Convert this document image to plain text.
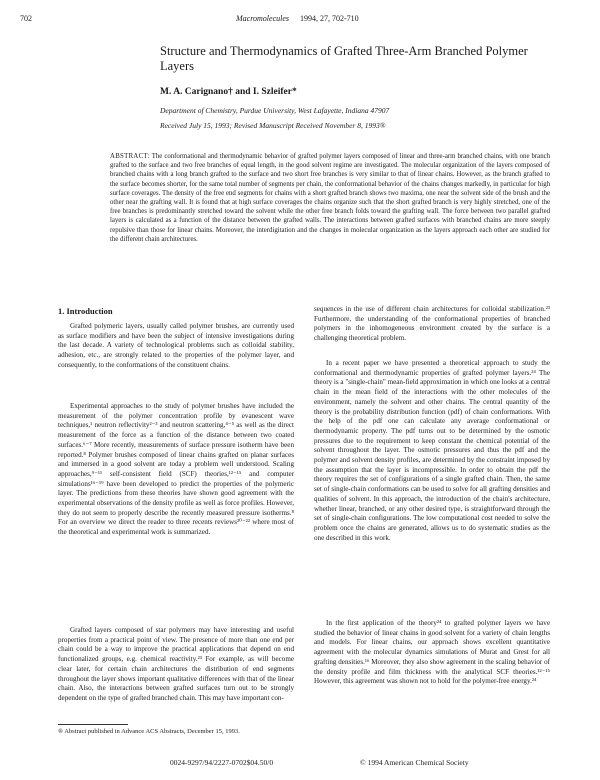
702	Macromolecules 1994, 27, 702-710
Structure and Thermodynamics of Grafted Three-Arm Branched Polymer Layers
M. A. Carignano† and I. Szleifer*
Department of Chemistry, Purdue University, West Lafayette, Indiana 47907
Received July 15, 1993; Revised Manuscript Received November 8, 1993®
ABSTRACT: The conformational and thermodynamic behavior of grafted polymer layers composed of linear and three-arm branched chains, with one branch grafted to the surface and two free branches of equal length, in the good solvent regime are investigated. The molecular organization of the layers composed of branched chains with a long branch grafted to the surface and two short free branches is very similar to that of linear chains. However, as the branch grafted to the surface becomes shorter, for the same total number of segments per chain, the conformational behavior of the chains changes markedly, in particular for high surface coverages. The density of the free end segments for chains with a short grafted branch shows two maxima, one near the solvent side of the brush and the other near the grafting wall. It is found that at high surface coverages the chains organize such that the short grafted branch is very highly stretched, one of the free branches is predominantly stretched toward the solvent while the other free branch folds toward the grafting wall. The force between two parallel grafted layers is calculated as a function of the distance between the grafted walls. The interactions between grafted surfaces with branched chains are more steeply repulsive than those for linear chains. Moreover, the interdigitation and the changes in molecular organization as the layers approach each other are studied for the different chain architectures.
1. Introduction

Grafted polymeric layers, usually called polymer brushes, are currently used as surface modifiers and have been the subject of intensive investigations during the last decade. A variety of technological problems such as colloidal stability, adhesion, etc., are strongly related to the properties of the polymer layer, and consequently, to the conformations of the constituent chains.

Experimental approaches to the study of polymer brushes have included the measurement of the polymer concentration profile by evanescent wave techniques,¹ neutron reflectivity²⁻³ and neutron scattering,⁴⁻⁵ as well as the direct measurement of the force as a function of the distance between two coated surfaces.⁶⁻⁷ More recently, measurements of surface pressure isotherm have been reported.⁸ Polymer brushes composed of linear chains grafted on planar surfaces and immersed in a good solvent are today a problem well understood. Scaling approaches,⁹⁻¹¹ self-consistent field (SCF) theories,¹²⁻¹⁵ and computer simulations¹⁶⁻¹⁹ have been developed to predict the properties of the polymeric layer. The predictions from these theories have shown good agreement with the experimental observations of the density profile as well as force profiles. However, they do not seem to properly describe the recently measured pressure isotherms.⁸ For an overview we direct the reader to three recents reviews²⁰⁻²² where most of the theoretical and experimental work is summarized.

Grafted layers composed of star polymers may have interesting and useful properties from a practical point of view. The presence of more than one end per chain could be a way to improve the practical applications that depend on end functionalized groups, e.g. chemical reactivity.²³ For example, as will become clear later, for certain chain architectures the distribution of end segments throughout the layer shows important qualitative differences with that of the linear chain. Also, the interactions between grafted surfaces turn out to be strongly dependent on the type of grafted branched chain. This may have important con-

sequences in the use of different chain architectures for colloidal stabilization.²³ Furthermore, the understanding of the conformational properties of branched polymers in the inhomogeneous environment created by the surface is a challenging theoretical problem.

In a recent paper we have presented a theoretical approach to study the conformational and thermodynamic properties of grafted polymer layers.²⁴ The theory is a "single-chain" mean-field approximation in which one looks at a central chain in the mean field of the interactions with the other molecules of the environment, namely the solvent and other chains. The central quantity of the theory is the probability distribution function (pdf) of chain conformations. With the help of the pdf one can calculate any average conformational or thermodynamic property. The pdf turns out to be determined by the osmotic pressures due to the requirement to keep constant the chemical potential of the solvent throughout the layer. The osmotic pressures and thus the pdf and the polymer and solvent density profiles, are determined by the constraint imposed by the assumption that the layer is incompressible. In order to obtain the pdf the theory requires the set of configurations of a single grafted chain. Then, the same set of single-chain conformations can be used to solve for all grafting densities and qualities of solvent. In this approach, the introduction of the chain's architecture, whether linear, branched, or any other desired type, is straightforward through the set of single-chain configurations. The low computational cost needed to solve the problem once the chains are generated, allows us to do systematic studies as the one described in this work.

In the first application of the theory²⁴ to grafted polymer layers we have studied the behavior of linear chains in good solvent for a variety of chain lengths and models. For linear chains, our approach shows excellent quantitative agreement with the molecular dynamics simulations of Murat and Grest for all grafting densities.¹⁶ Moreover, they also show agreement in the scaling behavior of the density profile and film thickness with the analytical SCF theories.¹²⁻¹⁵ However, this agreement was shown not to hold for the polymer-free energy.²⁴

® Abstract published in Advance ACS Abstracts, December 15, 1993.
0024-9297/94/2227-0702$04.50/0	© 1994 American Chemical Society
